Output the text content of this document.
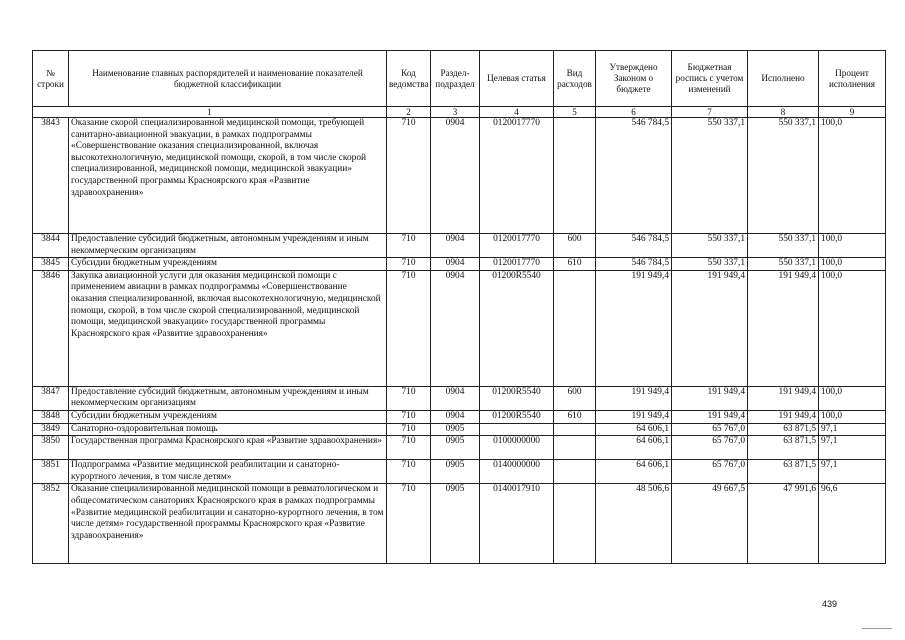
№ строки	Наименование главных распорядителей и наименование показателей бюджетной классификации	Код ведомства	Раздел-подраздел	Целевая статья	Вид расходов	Утверждено Законом о бюджете	Бюджетная роспись с учетом изменений	Исполнено	Процент исполнения
1		2	3	4	5	6	7	8	9
3843	Оказание скорой специализированной медицинской помощи, требующей санитарно-авиационной эвакуации, в рамках подпрограммы «Совершенствование оказания специализированной, включая высокотехнологичную, медицинской помощи, скорой, в том числе скорой специализированной, медицинской помощи, медицинской эвакуации» государственной программы Красноярского края «Развитие здравоохранения»	710	0904	0120017770		546 784,5	550 337,1	550 337,1	100,0
3844	Предоставление субсидий бюджетным, автономным учреждениям и иным некоммерческим организациям	710	0904	0120017770	600	546 784,5	550 337,1	550 337,1	100,0
3845	Субсидии бюджетным учреждениям	710	0904	0120017770	610	546 784,5	550 337,1	550 337,1	100,0
3846	Закупка авиационной услуги для оказания медицинской помощи с применением авиации в рамках подпрограммы «Совершенствование оказания специализированной, включая высокотехнологичную, медицинской помощи, скорой, в том числе скорой специализированной, медицинской помощи, медицинской эвакуации» государственной программы Красноярского края «Развитие здравоохранения»	710	0904	01200R5540		191 949,4	191 949,4	191 949,4	100,0
3847	Предоставление субсидий бюджетным, автономным учреждениям и иным некоммерческим организациям	710	0904	01200R5540	600	191 949,4	191 949,4	191 949,4	100,0
3848	Субсидии бюджетным учреждениям	710	0904	01200R5540	610	191 949,4	191 949,4	191 949,4	100,0
3849	Санаторно-оздоровительная помощь	710	0905			64 606,1	65 767,0	63 871,5	97,1
3850	Государственная программа Красноярского края «Развитие здравоохранения»	710	0905	0100000000		64 606,1	65 767,0	63 871,5	97,1
3851	Подпрограмма «Развитие медицинской реабилитации и санаторно-курортного лечения, в том числе детям»	710	0905	0140000000		64 606,1	65 767,0	63 871,5	97,1
3852	Оказание специализированной медицинской помощи в ревматологическом и общесоматическом санаториях Красноярского края в рамках подпрограммы «Развитие медицинской реабилитации и санаторно-курортного лечения, в том числе детям» государственной программы Красноярского края «Развитие здравоохранения»	710	0905	0140017910		48 506,6	49 667,5	47 991,6	96,6
439
